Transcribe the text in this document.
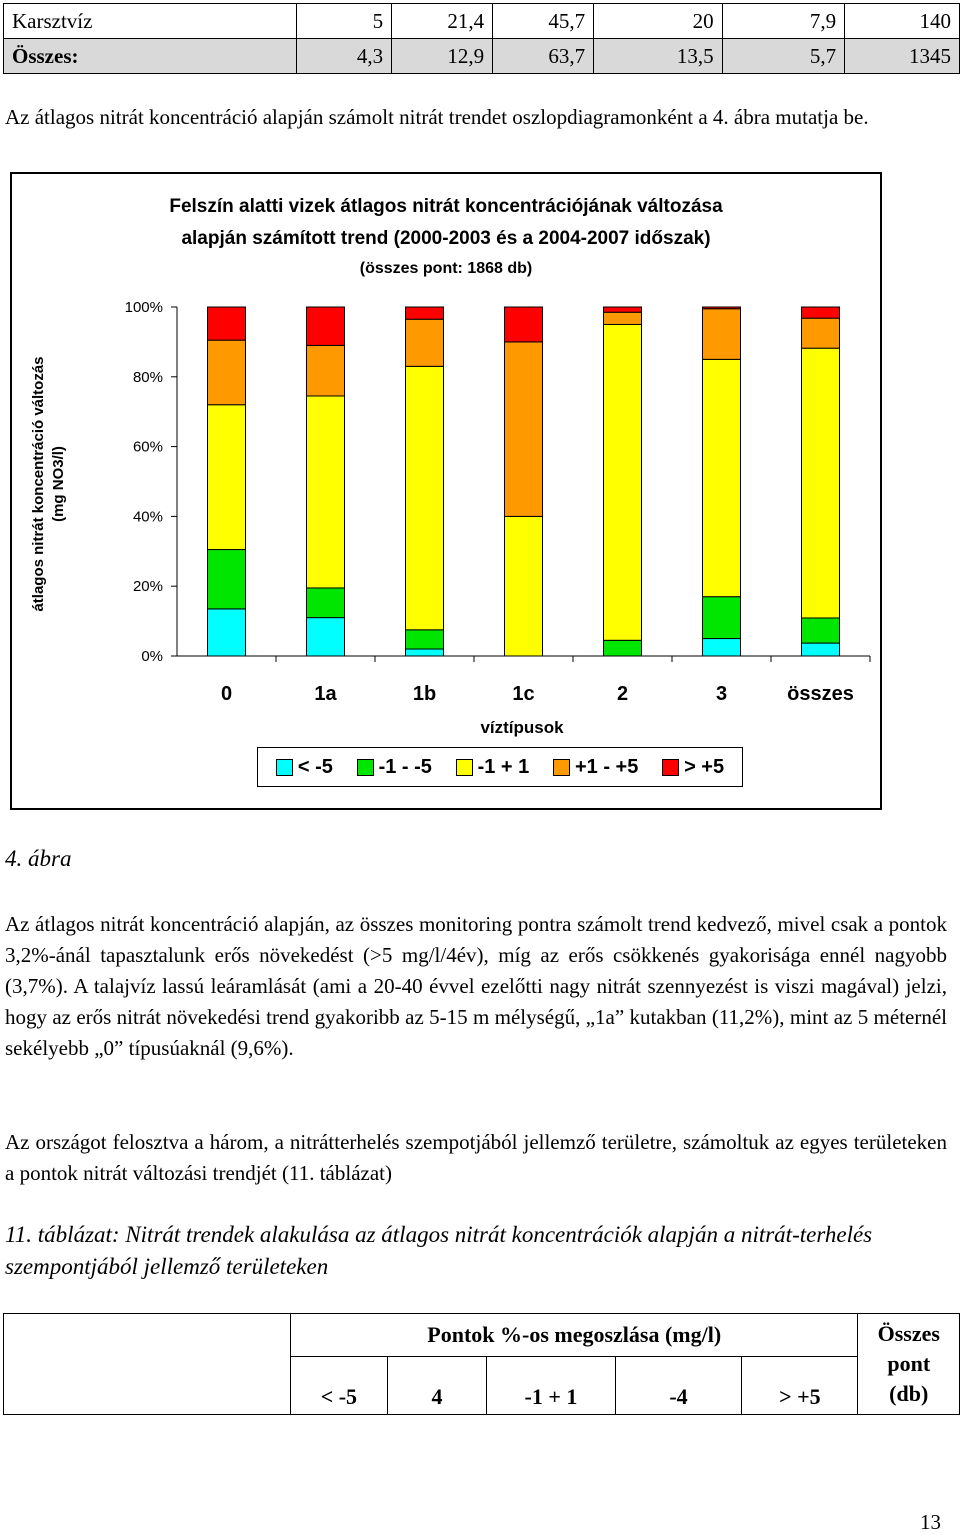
Karsztvíz	5	21,4	45,7	20	7,9	140
Összes:	4,3	12,9	63,7	13,5	5,7	1345
Az átlagos nitrát koncentráció alapján számolt nitrát trendet oszlopdiagramonként a 4. ábra mutatja be.
Felszín alatti vizek átlagos nitrát koncentrációjának változása
alapján számított trend (2000-2003 és a 2004-2007 időszak)
(összes pont: 1868 db)
0	1a	1b	1c	2	3	összes
0%
20%
40%
60%
80%
100%
átlagos nitrát koncentráció változás (mg NO3/l)
víztípusok
< -5 -1 - -5 -1 + 1 +1 - +5 > +5
4. ábra
Az átlagos nitrát koncentráció alapján, az összes monitoring pontra számolt trend kedvező, mivel csak a pontok 3,2%-ánál tapasztalunk erős növekedést (>5 mg/l/4év), míg az erős csökkenés gyakorisága ennél nagyobb (3,7%). A talajvíz lassú leáramlását (ami a 20-40 évvel ezelőtti nagy nitrát szennyezést is viszi magával) jelzi, hogy az erős nitrát növekedési trend gyakoribb az 5-15 m mélységű, „1a” kutakban (11,2%), mint az 5 méternél sekélyebb „0” típusúaknál (9,6%).
Az országot felosztva a három, a nitrátterhelés szempotjából jellemző területre, számoltuk az egyes területeken a pontok nitrát változási trendjét (11. táblázat)
11. táblázat: Nitrát trendek alakulása az átlagos nitrát koncentrációk alapján a nitrát-terhelés szempontjából jellemző területeken
	Pontok %-os megoszlása (mg/l)					Összes
pont
(db)

	< -5	4	-1 + 1	-4	> +5	
13
